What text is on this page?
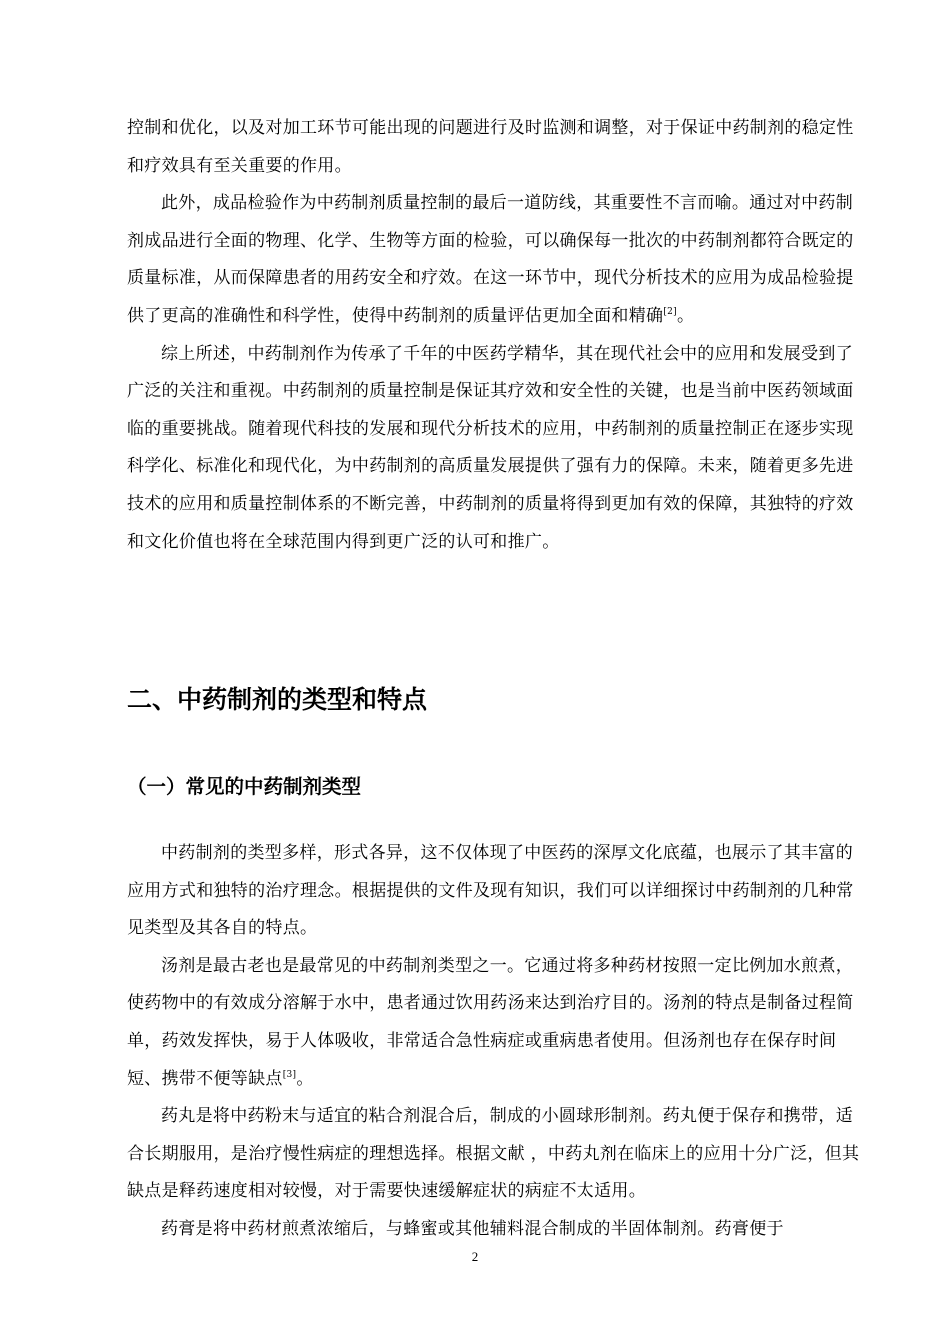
控制和优化，以及对加工环节可能出现的问题进行及时监测和调整，对于保证中药制剂的稳定性和疗效具有至关重要的作用。

此外，成品检验作为中药制剂质量控制的最后一道防线，其重要性不言而喻。通过对中药制剂成品进行全面的物理、化学、生物等方面的检验，可以确保每一批次的中药制剂都符合既定的质量标准，从而保障患者的用药安全和疗效。在这一环节中，现代分析技术的应用为成品检验提供了更高的准确性和科学性，使得中药制剂的质量评估更加全面和精确[2]。

综上所述，中药制剂作为传承了千年的中医药学精华，其在现代社会中的应用和发展受到了广泛的关注和重视。中药制剂的质量控制是保证其疗效和安全性的关键，也是当前中医药领域面临的重要挑战。随着现代科技的发展和现代分析技术的应用，中药制剂的质量控制正在逐步实现科学化、标准化和现代化，为中药制剂的高质量发展提供了强有力的保障。未来，随着更多先进技术的应用和质量控制体系的不断完善，中药制剂的质量将得到更加有效的保障，其独特的疗效和文化价值也将在全球范围内得到更广泛的认可和推广。

二、中药制剂的类型和特点
（一）常见的中药制剂类型

中药制剂的类型多样，形式各异，这不仅体现了中医药的深厚文化底蕴，也展示了其丰富的应用方式和独特的治疗理念。根据提供的文件及现有知识，我们可以详细探讨中药制剂的几种常见类型及其各自的特点。

汤剂是最古老也是最常见的中药制剂类型之一。它通过将多种药材按照一定比例加水煎煮，使药物中的有效成分溶解于水中，患者通过饮用药汤来达到治疗目的。汤剂的特点是制备过程简单，药效发挥快，易于人体吸收，非常适合急性病症或重病患者使用。但汤剂也存在保存时间短、携带不便等缺点[3]。

药丸是将中药粉末与适宜的粘合剂混合后，制成的小圆球形制剂。药丸便于保存和携带，适合长期服用，是治疗慢性病症的理想选择。根据文献 ，中药丸剂在临床上的应用十分广泛，但其缺点是释药速度相对较慢，对于需要快速缓解症状的病症不太适用。

药膏是将中药材煎煮浓缩后，与蜂蜜或其他辅料混合制成的半固体制剂。药膏便于

2
